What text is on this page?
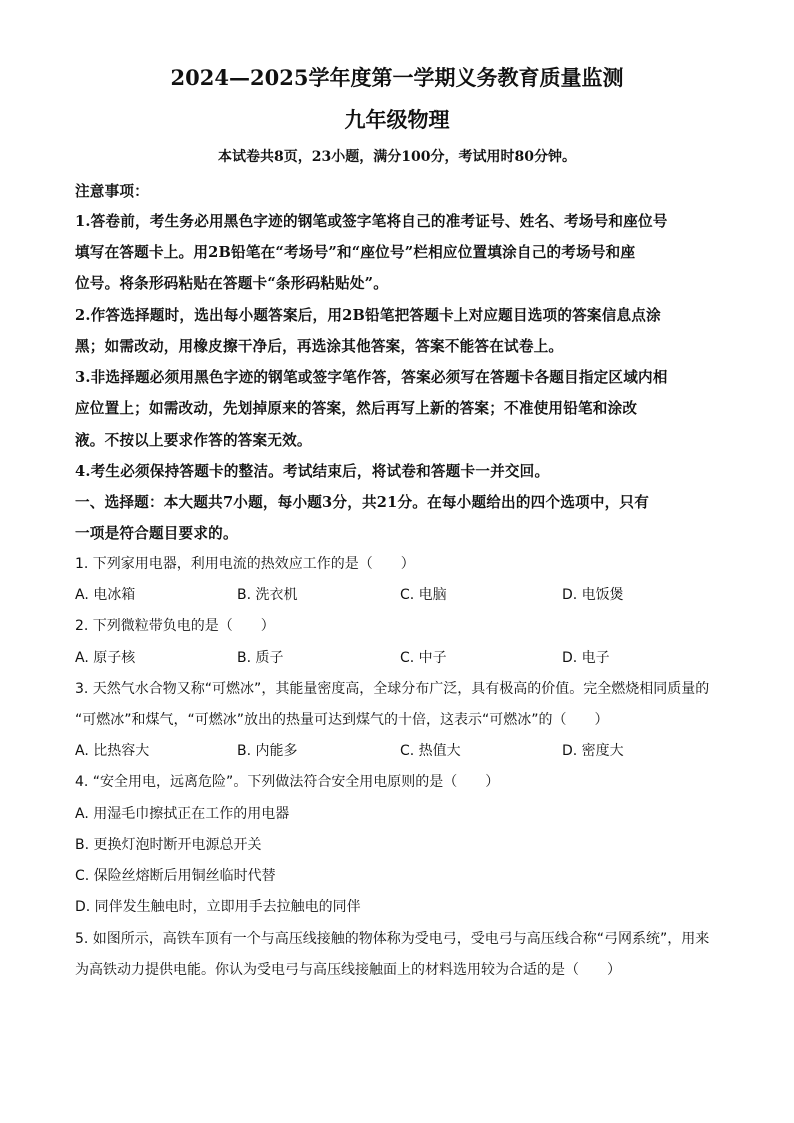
2024—2025学年度第一学期义务教育质量监测
九年级物理
本试卷共8页，23小题，满分100分，考试用时80分钟。
注意事项：
1.答卷前，考生务必用黑色字迹的钢笔或签字笔将自己的准考证号、姓名、考场号和座位号
填写在答题卡上。用2B铅笔在“考场号”和“座位号”栏相应位置填涂自己的考场号和座
位号。将条形码粘贴在答题卡“条形码粘贴处”。
2.作答选择题时，选出每小题答案后，用2B铅笔把答题卡上对应题目选项的答案信息点涂
黑；如需改动，用橡皮擦干净后，再选涂其他答案，答案不能答在试卷上。
3.非选择题必须用黑色字迹的钢笔或签字笔作答，答案必须写在答题卡各题目指定区域内相
应位置上；如需改动，先划掉原来的答案，然后再写上新的答案；不准使用铅笔和涂改
液。不按以上要求作答的答案无效。
4.考生必须保持答题卡的整洁。考试结束后，将试卷和答题卡一并交回。
一、选择题：本大题共7小题，每小题3分，共21分。在每小题给出的四个选项中，只有
一项是符合题目要求的。
1. 下列家用电器，利用电流的热效应工作的是（　　）
A. 电冰箱	B. 洗衣机	C. 电脑	D. 电饭煲
2. 下列微粒带负电的是（　　）
A. 原子核	B. 质子	C. 中子	D. 电子
3. 天然气水合物又称“可燃冰”，其能量密度高，全球分布广泛，具有极高的价值。完全燃烧相同质量的
“可燃冰”和煤气，“可燃冰”放出的热量可达到煤气的十倍，这表示“可燃冰”的（　　）
A. 比热容大	B. 内能多	C. 热值大	D. 密度大
4. “安全用电，远离危险”。下列做法符合安全用电原则的是（　　）
A. 用湿毛巾擦拭正在工作的用电器
B. 更换灯泡时断开电源总开关
C. 保险丝熔断后用铜丝临时代替
D. 同伴发生触电时，立即用手去拉触电的同伴
5. 如图所示，高铁车顶有一个与高压线接触的物体称为受电弓，受电弓与高压线合称“弓网系统”，用来
为高铁动力提供电能。你认为受电弓与高压线接触面上的材料选用较为合适的是（　　）
